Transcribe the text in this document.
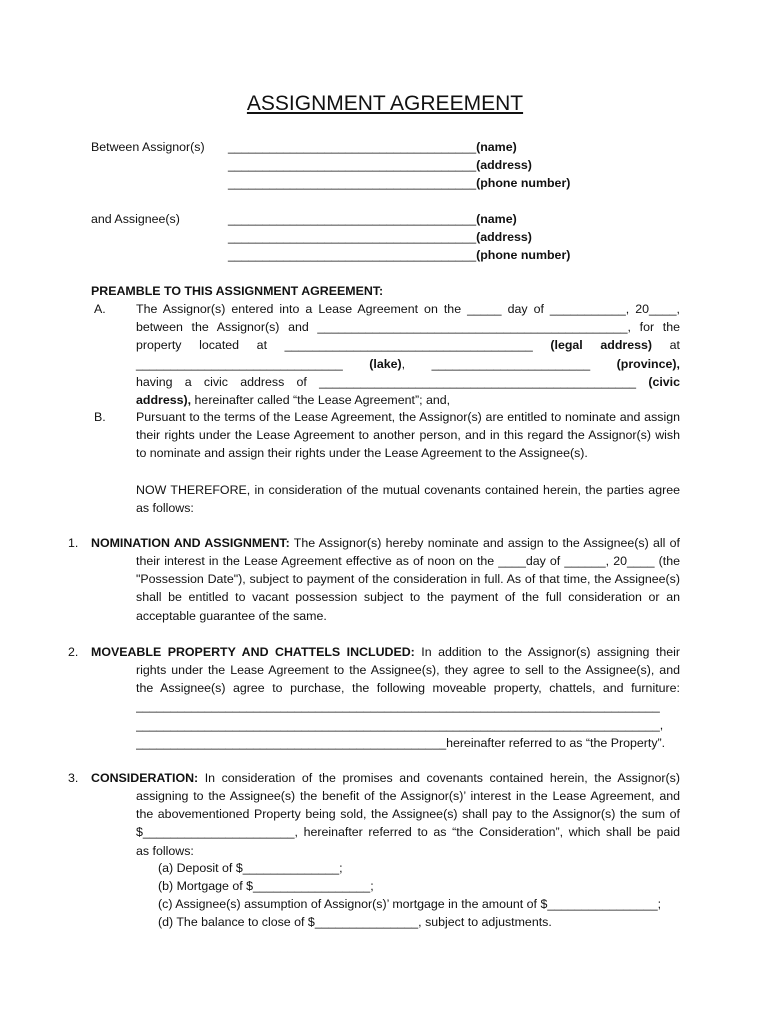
ASSIGNMENT AGREEMENT
Between Assignor(s) ____________________________________(name)
____________________________________(address)
____________________________________(phone number)
and Assignee(s)	____________________________________(name)
____________________________________(address)
____________________________________(phone number)
PREAMBLE TO THIS ASSIGNMENT AGREEMENT:
A. The Assignor(s) entered into a Lease Agreement on the _____ day of ___________, 20____,
between the Assignor(s) and _____________________________________________, for the
property located at ____________________________________ (legal address) at
______________________________ (lake), _______________________ (province),
having a civic address of ______________________________________________ (civic
address), hereinafter called “the Lease Agreement”; and,
B. Pursuant to the terms of the Lease Agreement, the Assignor(s) are entitled to nominate and assign
their rights under the Lease Agreement to another person, and in this regard the Assignor(s) wish
to nominate and assign their rights under the Lease Agreement to the Assignee(s).
NOW THEREFORE, in consideration of the mutual covenants contained herein, the parties agree
as follows:
1. NOMINATION AND ASSIGNMENT: The Assignor(s) hereby nominate and assign to the Assignee(s) all of
their interest in the Lease Agreement effective as of noon on the ____day of ______, 20____ (the
"Possession Date"), subject to payment of the consideration in full. As of that time, the Assignee(s)
shall be entitled to vacant possession subject to the payment of the full consideration or an
acceptable guarantee of the same.
2. MOVEABLE PROPERTY AND CHATTELS INCLUDED: In addition to the Assignor(s) assigning their
rights under the Lease Agreement to the Assignee(s), they agree to sell to the Assignee(s), and
the Assignee(s) agree to purchase, the following moveable property, chattels, and furniture:
____________________________________________________________________________
____________________________________________________________________________,
_____________________________________________hereinafter referred to as “the Property”.
3. CONSIDERATION: In consideration of the promises and covenants contained herein, the Assignor(s)
assigning to the Assignee(s) the benefit of the Assignor(s)’ interest in the Lease Agreement, and
the abovementioned Property being sold, the Assignee(s) shall pay to the Assignor(s) the sum of
$______________________, hereinafter referred to as “the Consideration”, which shall be paid
as follows:
(a) Deposit of $______________;
(b) Mortgage of $_________________;
(c) Assignee(s) assumption of Assignor(s)’ mortgage in the amount of $________________;
(d) The balance to close of $_______________, subject to adjustments.
